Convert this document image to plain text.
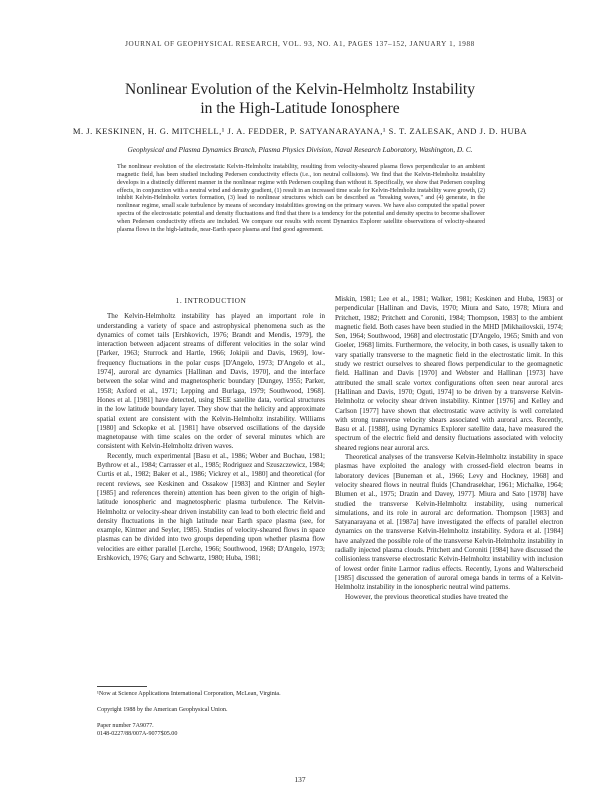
JOURNAL OF GEOPHYSICAL RESEARCH, VOL. 93, NO. A1, PAGES 137–152, JANUARY 1, 1988
Nonlinear Evolution of the Kelvin-Helmholtz Instability
in the High-Latitude Ionosphere
M. J. KESKINEN, H. G. MITCHELL,¹ J. A. FEDDER, P. SATYANARAYANA,¹ S. T. ZALESAK, AND J. D. HUBA
Geophysical and Plasma Dynamics Branch, Plasma Physics Division, Naval Research Laboratory, Washington, D. C.
The nonlinear evolution of the electrostatic Kelvin-Helmholtz instability, resulting from velocity-sheared plasma flows perpendicular to an ambient magnetic field, has been studied including Pedersen conductivity effects (i.e., ion neutral collisions). We find that the Kelvin-Helmholtz instability develops in a distinctly different manner in the nonlinear regime with Pedersen coupling than without it. Specifically, we show that Pedersen coupling effects, in conjunction with a neutral wind and density gradient, (1) result in an increased time scale for Kelvin-Helmholtz instability wave growth, (2) inhibit Kelvin-Helmholtz vortex formation, (3) lead to nonlinear structures which can be described as "breaking waves," and (4) generate, in the nonlinear regime, small scale turbulence by means of secondary instabilities growing on the primary waves. We have also computed the spatial power spectra of the electrostatic potential and density fluctuations and find that there is a tendency for the potential and density spectra to become shallower when Pedersen conductivity effects are included. We compare our results with recent Dynamics Explorer satellite observations of velocity-sheared plasma flows in the high-latitude, near-Earth space plasma and find good agreement.
1. INTRODUCTION

The Kelvin-Helmholtz instability has played an important role in understanding a variety of space and astrophysical phenomena such as the dynamics of comet tails [Ershkovich, 1976; Brandt and Mendis, 1979], the interaction between adjacent streams of different velocities in the solar wind [Parker, 1963; Sturrock and Hartle, 1966; Jokipii and Davis, 1969], low-frequency fluctuations in the polar cusps [D'Angelo, 1973; D'Angelo et al., 1974], auroral arc dynamics [Hallinan and Davis, 1970], and the interface between the solar wind and magnetospheric boundary [Dungey, 1955; Parker, 1958; Axford et al., 1971; Lepping and Burlaga, 1979; Southwood, 1968]. Hones et al. [1981] have detected, using ISEE satellite data, vortical structures in the low latitude boundary layer. They show that the helicity and approximate spatial extent are consistent with the Kelvin-Helmholtz instability. Williams [1980] and Sckopke et al. [1981] have observed oscillations of the dayside magnetopause with time scales on the order of several minutes which are consistent with Kelvin-Helmholtz driven waves.

Recently, much experimental [Basu et al., 1986; Weber and Buchau, 1981; Bythrow et al., 1984; Carrasser et al., 1985; Rodriguez and Szuszczewicz, 1984; Curtis et al., 1982; Baker et al., 1986; Vickrey et al., 1980] and theoretical (for recent reviews, see Keskinen and Ossakow [1983] and Kintner and Seyler [1985] and references therein) attention has been given to the origin of high-latitude ionospheric and magnetospheric plasma turbulence. The Kelvin-Helmholtz or velocity-shear driven instability can lead to both electric field and density fluctuations in the high latitude near Earth space plasma (see, for example, Kintner and Seyler, 1985). Studies of velocity-sheared flows in space plasmas can be divided into two groups depending upon whether plasma flow velocities are either parallel [Lerche, 1966; Southwood, 1968; D'Angelo, 1973; Ershkovich, 1976; Gary and Schwartz, 1980; Huba, 1981;

¹Now at Science Applications International Corporation, McLean, Virginia.

Copyright 1988 by the American Geophysical Union.

Paper number 7A9077.

0148-0227/88/007A-9077$05.00

Miskin, 1981; Lee et al., 1981; Walker, 1981; Keskinen and Huba, 1983] or perpendicular [Hallinan and Davis, 1970; Miura and Sato, 1978; Miura and Pritchett, 1982; Pritchett and Coroniti, 1984; Thompson, 1983] to the ambient magnetic field. Both cases have been studied in the MHD [Mikhailovskii, 1974; Sen, 1964; Southwood, 1968] and electrostatic [D'Angelo, 1965; Smith and von Goeler, 1968] limits. Furthermore, the velocity, in both cases, is usually taken to vary spatially transverse to the magnetic field in the electrostatic limit. In this study we restrict ourselves to sheared flows perpendicular to the geomagnetic field. Hallinan and Davis [1970] and Webster and Hallinan [1973] have attributed the small scale vortex configurations often seen near auroral arcs [Hallinan and Davis, 1970; Oguti, 1974] to be driven by a transverse Kelvin-Helmholtz or velocity shear driven instability. Kintner [1976] and Kelley and Carlson [1977] have shown that electrostatic wave activity is well correlated with strong transverse velocity shears associated with auroral arcs. Recently, Basu et al. [1988], using Dynamics Explorer satellite data, have measured the spectrum of the electric field and density fluctuations associated with velocity sheared regions near auroral arcs.

Theoretical analyses of the transverse Kelvin-Helmholtz instability in space plasmas have exploited the analogy with crossed-field electron beams in laboratory devices [Buneman et al., 1966; Levy and Hockney, 1968] and velocity sheared flows in neutral fluids [Chandrasekhar, 1961; Michalke, 1964; Blumen et al., 1975; Drazin and Davey, 1977]. Miura and Sato [1978] have studied the transverse Kelvin-Helmholtz instability, using numerical simulations, and its role in auroral arc deformation. Thompson [1983] and Satyanarayana et al. [1987a] have investigated the effects of parallel electron dynamics on the transverse Kelvin-Helmholtz instability. Sydora et al. [1984] have analyzed the possible role of the transverse Kelvin-Helmholtz instability in radially injected plasma clouds. Pritchett and Coroniti [1984] have discussed the collisionless transverse electrostatic Kelvin-Helmholtz instability with inclusion of lowest order finite Larmor radius effects. Recently, Lyons and Walterscheid [1985] discussed the generation of auroral omega bands in terms of a Kelvin-Helmholtz instability in the ionospheric neutral wind patterns.

However, the previous theoretical studies have treated the

137
